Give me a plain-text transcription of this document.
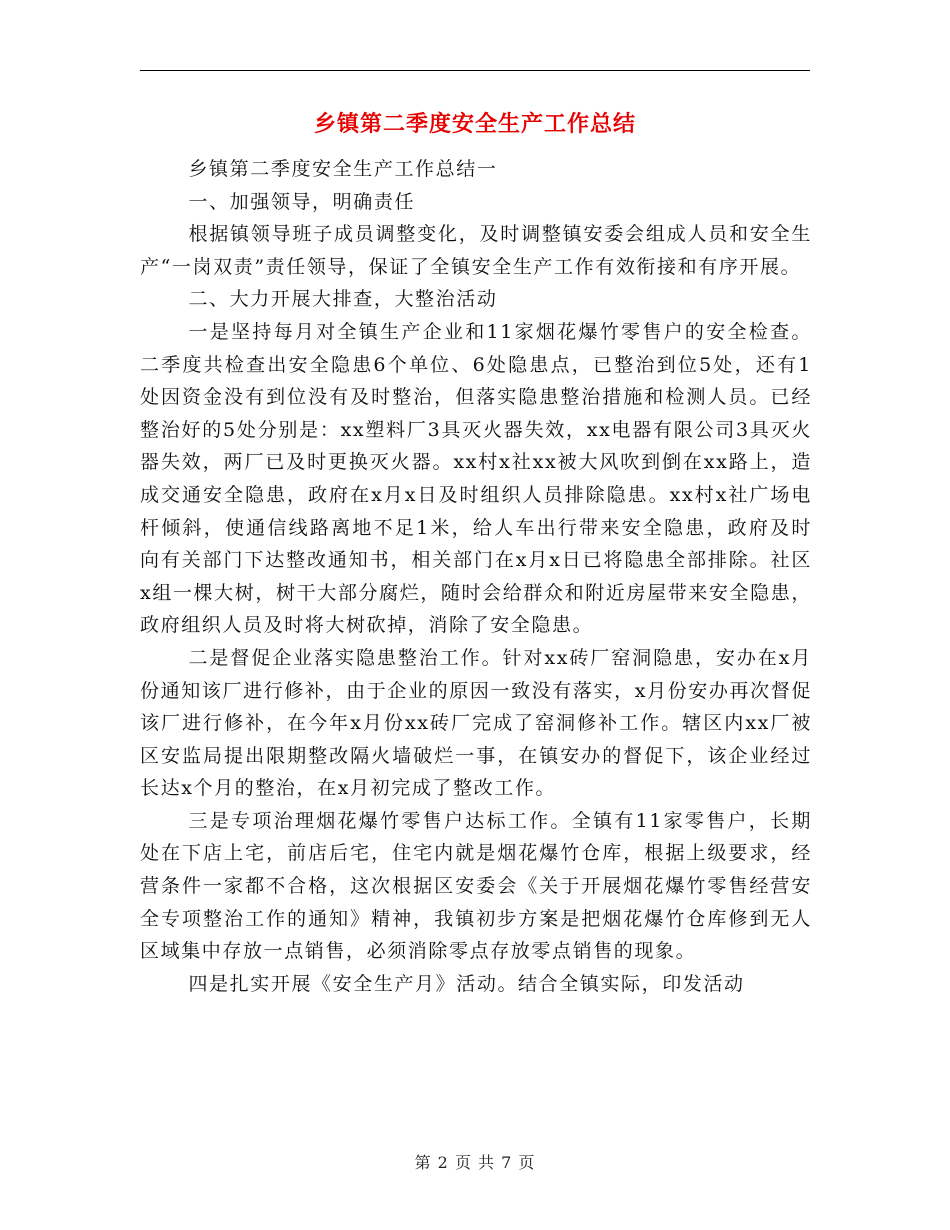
乡镇第二季度安全生产工作总结

乡镇第二季度安全生产工作总结一

一、加强领导，明确责任

根据镇领导班子成员调整变化，及时调整镇安委会组成人员和安全生产“一岗双责”责任领导，保证了全镇安全生产工作有效衔接和有序开展。

二、大力开展大排查，大整治活动

一是坚持每月对全镇生产企业和11家烟花爆竹零售户的安全检查。二季度共检查出安全隐患6个单位、6处隐患点，已整治到位5处，还有1处因资金没有到位没有及时整治，但落实隐患整治措施和检测人员。已经整治好的5处分别是：xx塑料厂3具灭火器失效，xx电器有限公司3具灭火器失效，两厂已及时更换灭火器。xx村x社xx被大风吹到倒在xx路上，造成交通安全隐患，政府在x月x日及时组织人员排除隐患。xx村x社广场电杆倾斜，使通信线路离地不足1米，给人车出行带来安全隐患，政府及时向有关部门下达整改通知书，相关部门在x月x日已将隐患全部排除。社区x组一棵大树，树干大部分腐烂，随时会给群众和附近房屋带来安全隐患，政府组织人员及时将大树砍掉，消除了安全隐患。

二是督促企业落实隐患整治工作。针对xx砖厂窑洞隐患，安办在x月份通知该厂进行修补，由于企业的原因一致没有落实，x月份安办再次督促该厂进行修补，在今年x月份xx砖厂完成了窑洞修补工作。辖区内xx厂被区安监局提出限期整改隔火墙破烂一事，在镇安办的督促下，该企业经过长达x个月的整治，在x月初完成了整改工作。

三是专项治理烟花爆竹零售户达标工作。全镇有11家零售户，长期处在下店上宅，前店后宅，住宅内就是烟花爆竹仓库，根据上级要求，经营条件一家都不合格，这次根据区安委会《关于开展烟花爆竹零售经营安全专项整治工作的通知》精神，我镇初步方案是把烟花爆竹仓库修到无人区域集中存放一点销售，必须消除零点存放零点销售的现象。

四是扎实开展《安全生产月》活动。结合全镇实际，印发活动

第 2 页 共 7 页
